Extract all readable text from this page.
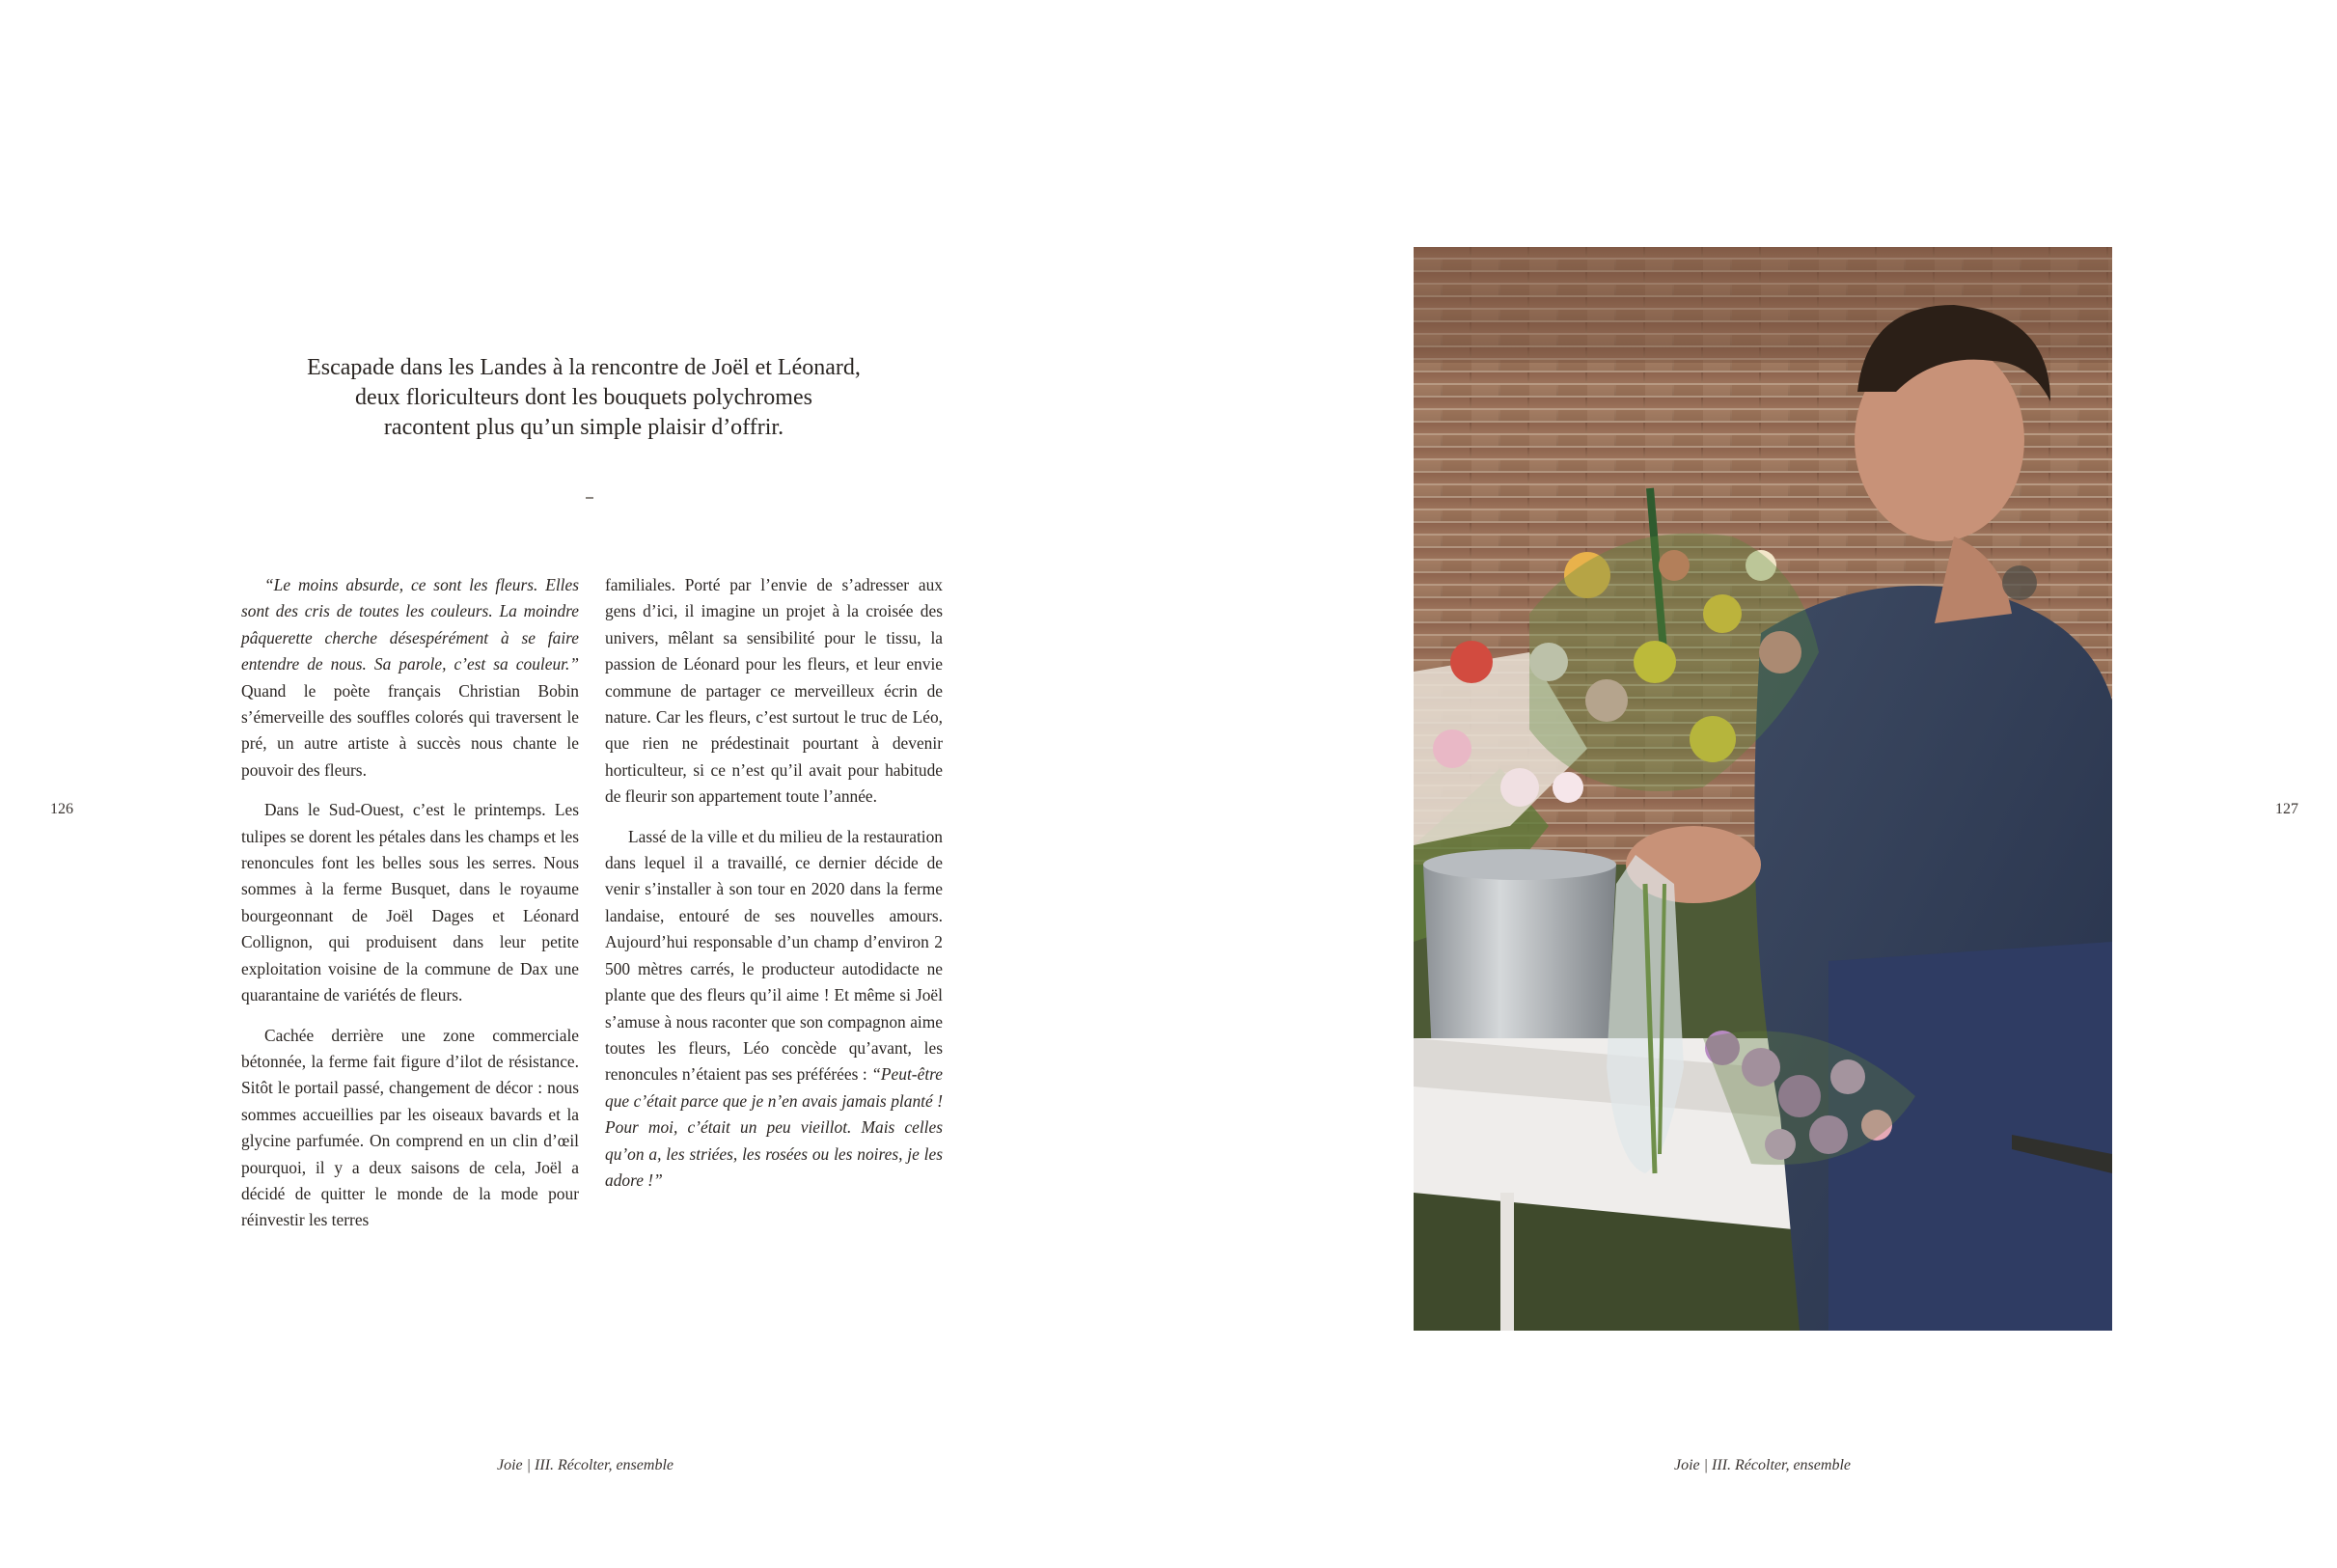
Escapade dans les Landes à la rencontre de Joël et Léonard,
deux floriculteurs dont les bouquets polychromes
racontent plus qu’un simple plaisir d’offrir.

“Le moins absurde, ce sont les fleurs. Elles sont des cris de toutes les couleurs. La moindre pâquerette cherche désespérément à se faire entendre de nous. Sa parole, c’est sa couleur.” Quand le poète français Christian Bobin s’émerveille des souffles colorés qui traversent le pré, un autre artiste à succès nous chante le pouvoir des fleurs.

Dans le Sud-Ouest, c’est le printemps. Les tulipes se dorent les pétales dans les champs et les renoncules font les belles sous les serres. Nous sommes à la ferme Busquet, dans le royaume bourgeonnant de Joël Dages et Léonard Collignon, qui produisent dans leur petite exploitation voisine de la commune de Dax une quarantaine de variétés de fleurs.

Cachée derrière une zone commerciale bétonnée, la ferme fait figure d’ilot de résistance. Sitôt le portail passé, changement de décor : nous sommes accueillies par les oiseaux bavards et la glycine parfumée. On comprend en un clin d’œil pourquoi, il y a deux saisons de cela, Joël a décidé de quitter le monde de la mode pour réinvestir les terres

familiales. Porté par l’envie de s’adresser aux gens d’ici, il imagine un projet à la croisée des univers, mêlant sa sensibilité pour le tissu, la passion de Léonard pour les fleurs, et leur envie commune de partager ce merveilleux écrin de nature. Car les fleurs, c’est surtout le truc de Léo, que rien ne prédestinait pourtant à devenir horticulteur, si ce n’est qu’il avait pour habitude de fleurir son appartement toute l’année.

Lassé de la ville et du milieu de la restauration dans lequel il a travaillé, ce dernier décide de venir s’installer à son tour en 2020 dans la ferme landaise, entouré de ses nouvelles amours. Aujourd’hui responsable d’un champ d’environ 2 500 mètres carrés, le producteur autodidacte ne plante que des fleurs qu’il aime ! Et même si Joël s’amuse à nous raconter que son compagnon aime toutes les fleurs, Léo concède qu’avant, les renoncules n’étaient pas ses préférées : “Peut-être que c’était parce que je n’en avais jamais planté ! Pour moi, c’était un peu vieillot. Mais celles qu’on a, les striées, les rosées ou les noires, je les adore !”

126
Joie | III. Récolter, ensemble
127
Joie | III. Récolter, ensemble
